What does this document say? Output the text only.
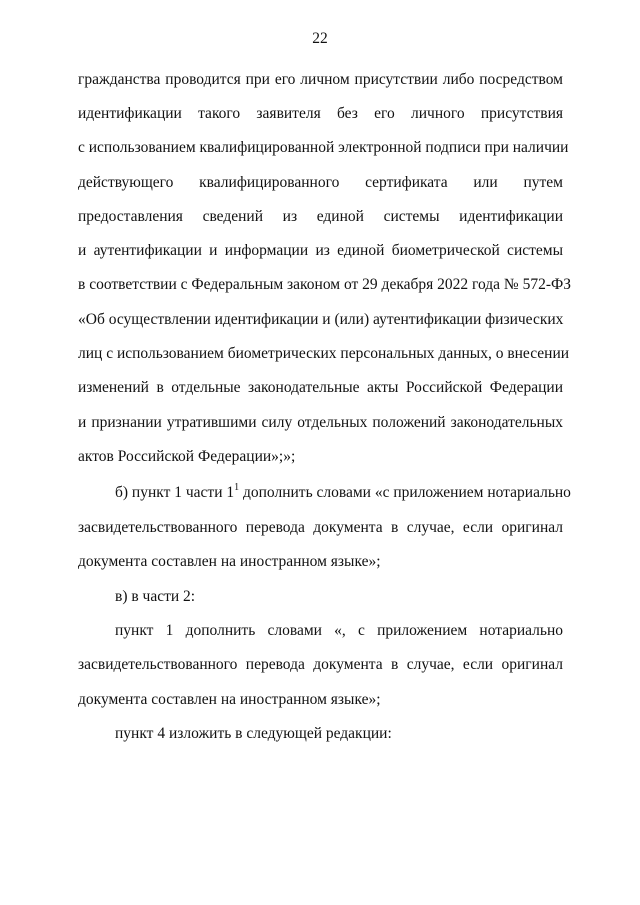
22
гражданства проводится при его личном присутствии либо посредством
идентификации такого заявителя без его личного присутствия
с использованием квалифицированной электронной подписи при наличии
действующего квалифицированного сертификата или путем
предоставления сведений из единой системы идентификации
и аутентификации и информации из единой биометрической системы
в соответствии с Федеральным законом от 29 декабря 2022 года № 572-ФЗ
«Об осуществлении идентификации и (или) аутентификации физических
лиц с использованием биометрических персональных данных, о внесении
изменений в отдельные законодательные акты Российской Федерации
и признании утратившими силу отдельных положений законодательных
актов Российской Федерации»;»;
б) пункт 1 части $1^1$ дополнить словами «с приложением нотариально
засвидетельствованного перевода документа в случае, если оригинал
документа составлен на иностранном языке»;
в) в части 2:
пункт 1 дополнить словами «, с приложением нотариально
засвидетельствованного перевода документа в случае, если оригинал
документа составлен на иностранном языке»;
пункт 4 изложить в следующей редакции:
